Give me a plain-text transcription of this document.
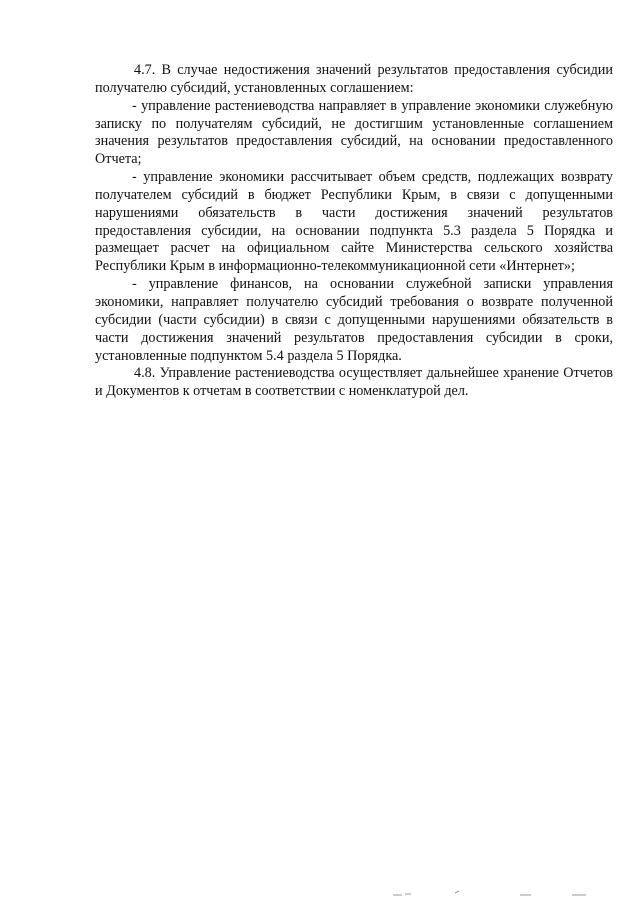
4.7. В случае недостижения значений результатов предоставления субсидии получателю субсидий, установленных соглашением:

- управление растениеводства направляет в управление экономики служебную записку по получателям субсидий, не достигшим установленные соглашением значения результатов предоставления субсидий, на основании предоставленного Отчета;

- управление экономики рассчитывает объем средств, подлежащих возврату получателем субсидий в бюджет Республики Крым, в связи с допущенными нарушениями обязательств в части достижения значений результатов предоставления субсидии, на основании подпункта 5.3 раздела 5 Порядка и размещает расчет на официальном сайте Министерства сельского хозяйства Республики Крым в информационно-телекоммуникационной сети «Интернет»;

- управление финансов, на основании служебной записки управления экономики, направляет получателю субсидий требования о возврате полученной субсидии (части субсидии) в связи с допущенными нарушениями обязательств в части достижения значений результатов предоставления субсидии в сроки, установленные подпунктом 5.4 раздела 5 Порядка.

4.8. Управление растениеводства осуществляет дальнейшее хранение Отчетов и Документов к отчетам в соответствии с номенклатурой дел.
